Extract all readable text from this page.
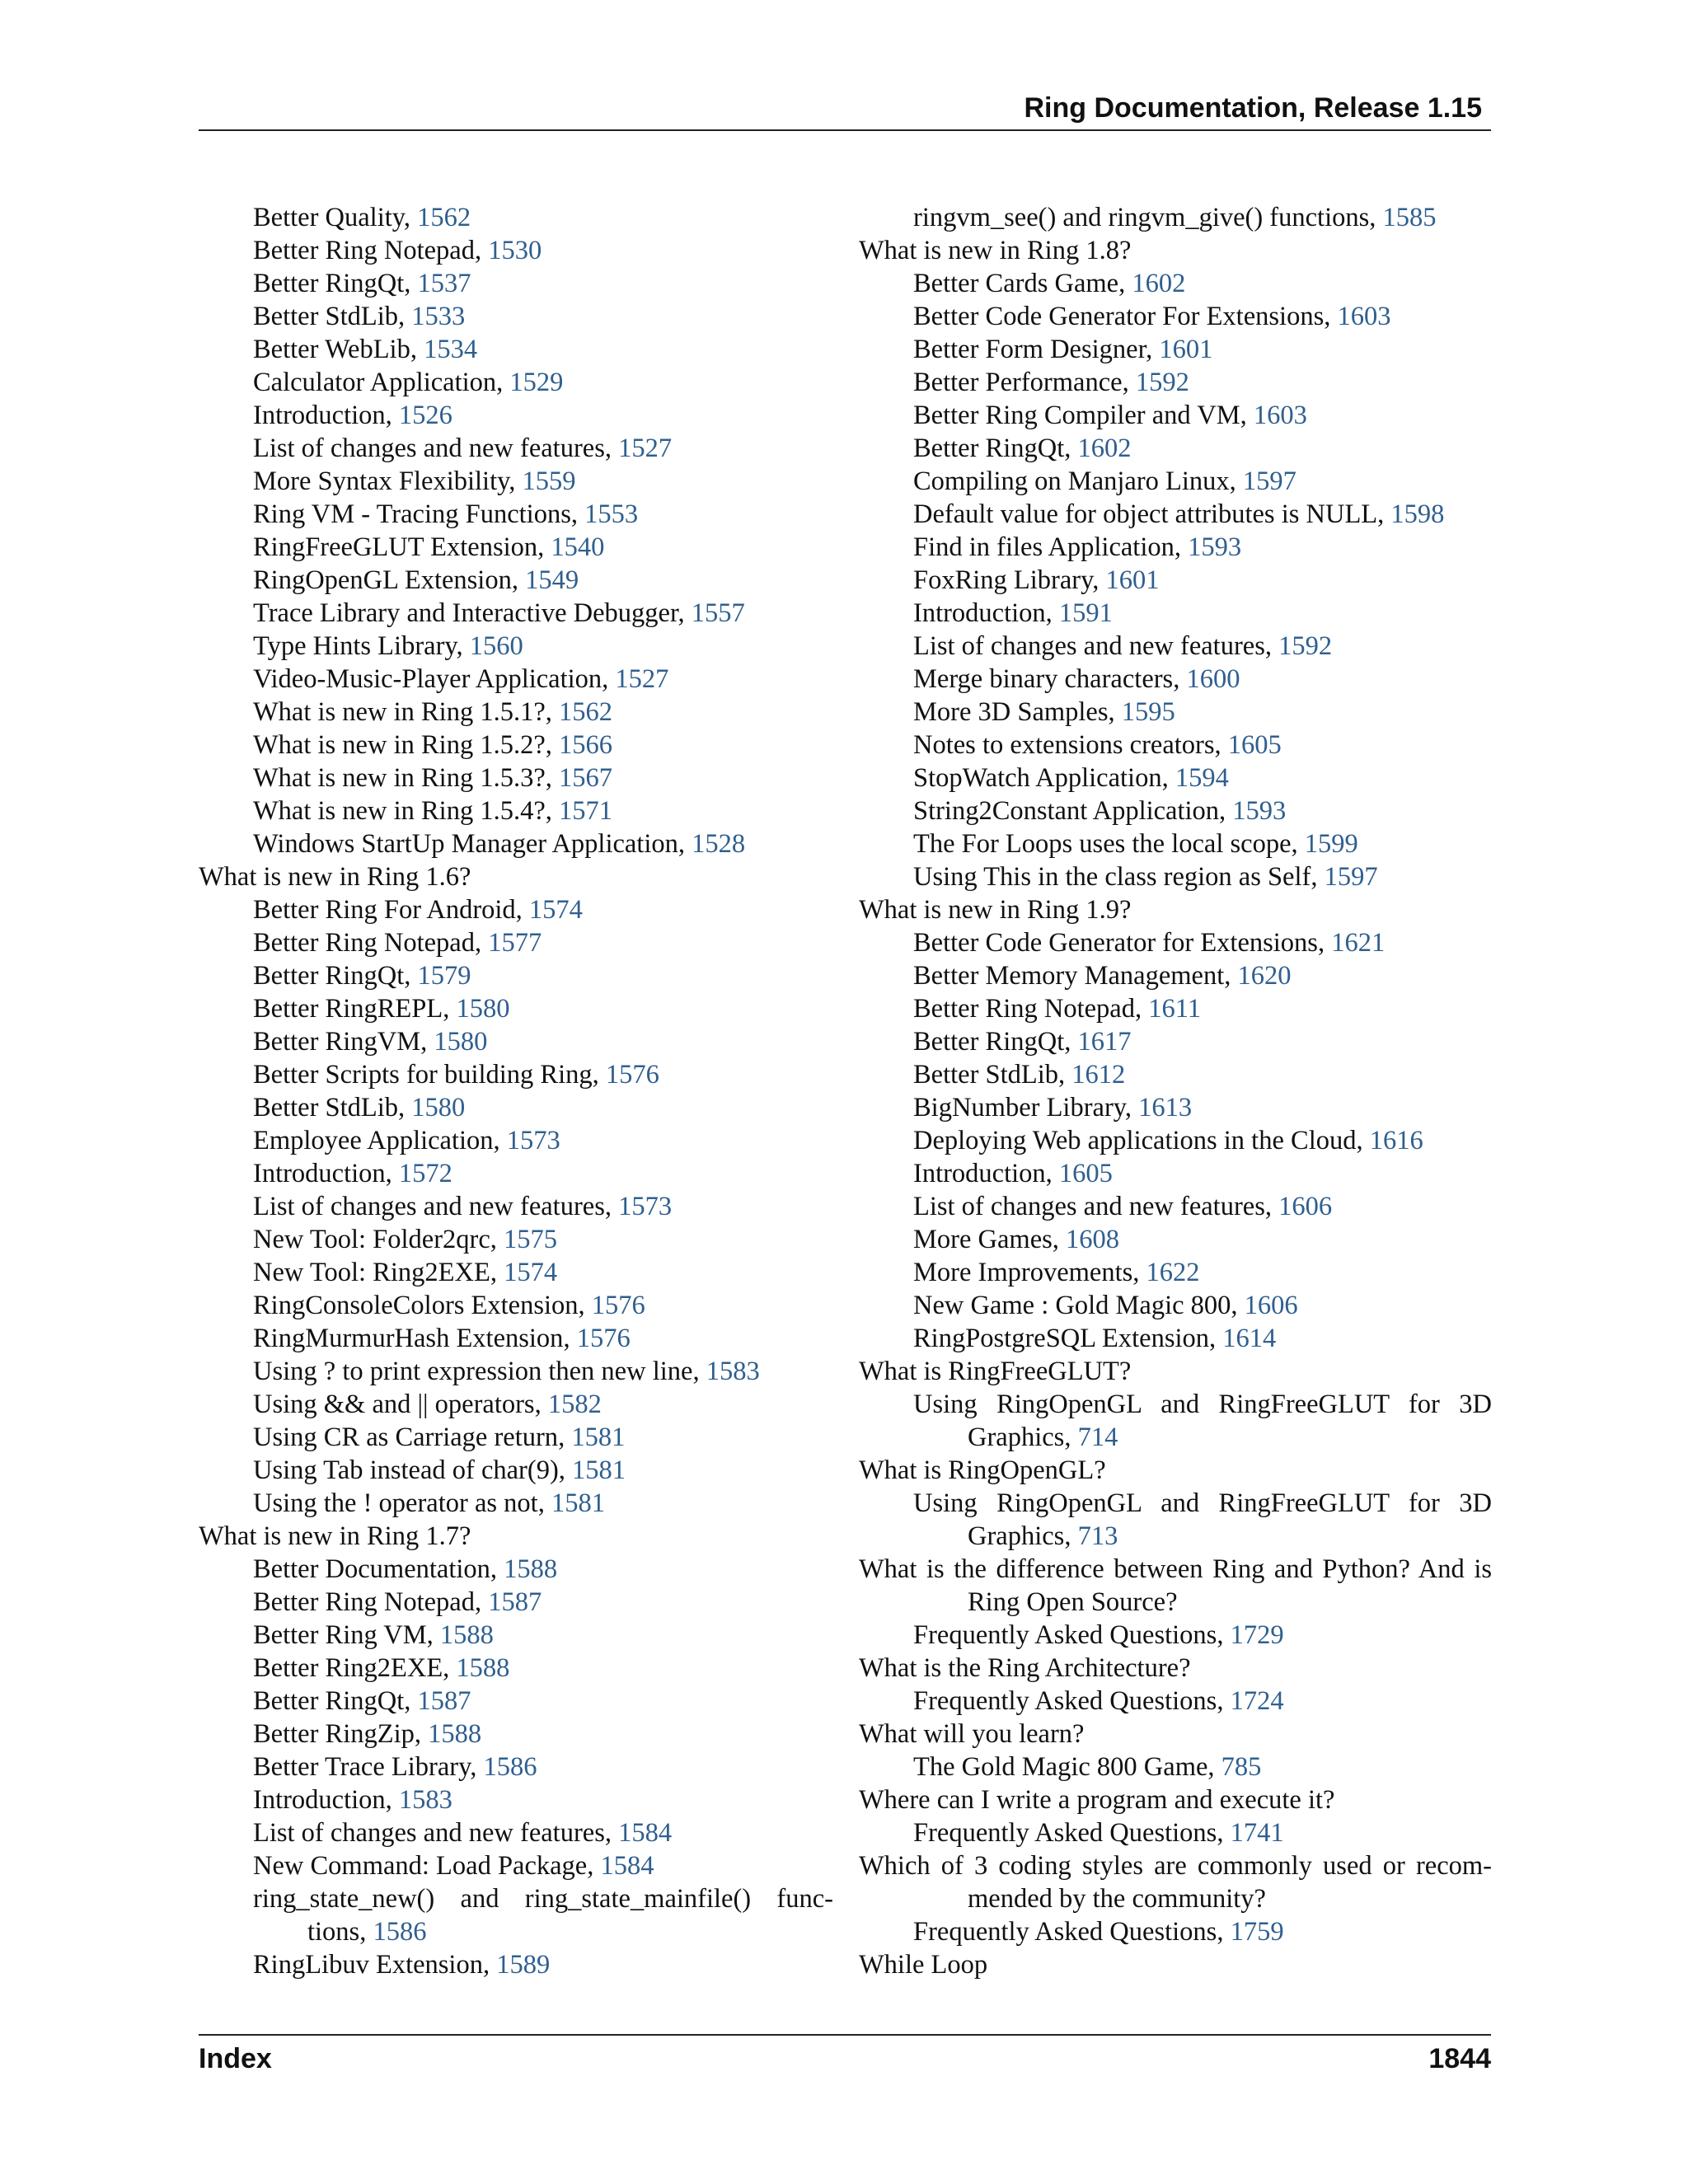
Ring Documentation, Release 1.15
Better Quality, 1562
Better Ring Notepad, 1530
Better RingQt, 1537
Better StdLib, 1533
Better WebLib, 1534
Calculator Application, 1529
Introduction, 1526
List of changes and new features, 1527
More Syntax Flexibility, 1559
Ring VM - Tracing Functions, 1553
RingFreeGLUT Extension, 1540
RingOpenGL Extension, 1549
Trace Library and Interactive Debugger, 1557
Type Hints Library, 1560
Video-Music-Player Application, 1527
What is new in Ring 1.5.1?, 1562
What is new in Ring 1.5.2?, 1566
What is new in Ring 1.5.3?, 1567
What is new in Ring 1.5.4?, 1571
Windows StartUp Manager Application, 1528
What is new in Ring 1.6?
Better Ring For Android, 1574
Better Ring Notepad, 1577
Better RingQt, 1579
Better RingREPL, 1580
Better RingVM, 1580
Better Scripts for building Ring, 1576
Better StdLib, 1580
Employee Application, 1573
Introduction, 1572
List of changes and new features, 1573
New Tool: Folder2qrc, 1575
New Tool: Ring2EXE, 1574
RingConsoleColors Extension, 1576
RingMurmurHash Extension, 1576
Using ? to print expression then new line, 1583
Using && and || operators, 1582
Using CR as Carriage return, 1581
Using Tab instead of char(9), 1581
Using the ! operator as not, 1581
What is new in Ring 1.7?
Better Documentation, 1588
Better Ring Notepad, 1587
Better Ring VM, 1588
Better Ring2EXE, 1588
Better RingQt, 1587
Better RingZip, 1588
Better Trace Library, 1586
Introduction, 1583
List of changes and new features, 1584
New Command: Load Package, 1584
ring_state_new() and ring_state_mainfile() func- tions, 1586
RingLibuv Extension, 1589
ringvm_see() and ringvm_give() functions, 1585
What is new in Ring 1.8?
Better Cards Game, 1602
Better Code Generator For Extensions, 1603
Better Form Designer, 1601
Better Performance, 1592
Better Ring Compiler and VM, 1603
Better RingQt, 1602
Compiling on Manjaro Linux, 1597
Default value for object attributes is NULL, 1598
Find in files Application, 1593
FoxRing Library, 1601
Introduction, 1591
List of changes and new features, 1592
Merge binary characters, 1600
More 3D Samples, 1595
Notes to extensions creators, 1605
StopWatch Application, 1594
String2Constant Application, 1593
The For Loops uses the local scope, 1599
Using This in the class region as Self, 1597
What is new in Ring 1.9?
Better Code Generator for Extensions, 1621
Better Memory Management, 1620
Better Ring Notepad, 1611
Better RingQt, 1617
Better StdLib, 1612
BigNumber Library, 1613
Deploying Web applications in the Cloud, 1616
Introduction, 1605
List of changes and new features, 1606
More Games, 1608
More Improvements, 1622
New Game : Gold Magic 800, 1606
RingPostgreSQL Extension, 1614
What is RingFreeGLUT?
Using RingOpenGL and RingFreeGLUT for 3D Graphics, 714
What is RingOpenGL?
Using RingOpenGL and RingFreeGLUT for 3D Graphics, 713
What is the difference between Ring and Python? And is Ring Open Source?
Frequently Asked Questions, 1729
What is the Ring Architecture?
Frequently Asked Questions, 1724
What will you learn?
The Gold Magic 800 Game, 785
Where can I write a program and execute it?
Frequently Asked Questions, 1741
Which of 3 coding styles are commonly used or recom- mended by the community?
Frequently Asked Questions, 1759
While Loop
Index	1844
